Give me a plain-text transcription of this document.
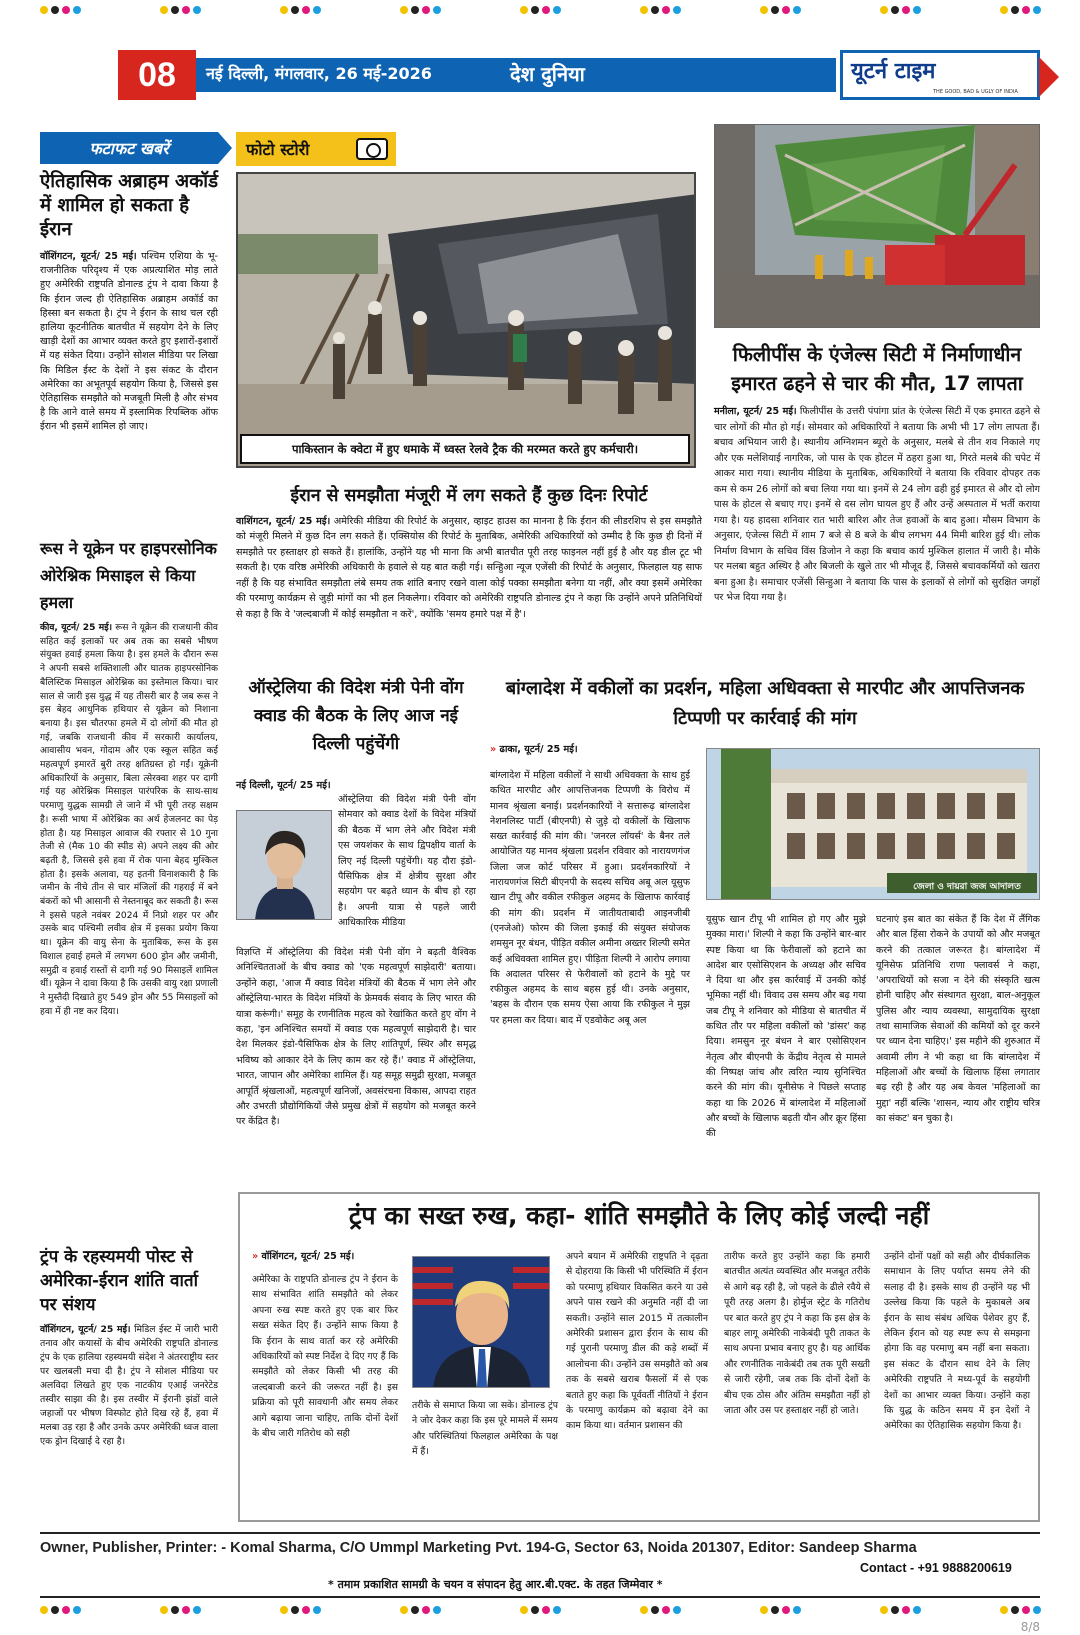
08	नई दिल्ली, मंगलवार, 26 मई-2026	देश दुनिया	यूटर्न टाइम
THE GOOD, BAD & UGLY OF INDIA
फटाफट खबरें
ऐतिहासिक अब्राहम अकॉर्ड में शामिल हो सकता है ईरान
वॉशिंगटन, यूटर्न/ 25 मई। पश्चिम एशिया के भू-राजनीतिक परिदृश्य में एक अप्रत्याशित मोड़ लाते हुए अमेरिकी राष्ट्रपति डोनाल्ड ट्रंप ने दावा किया है कि ईरान जल्द ही ऐतिहासिक अब्राहम अकॉर्ड का हिस्सा बन सकता है। ट्रंप ने ईरान के साथ चल रही हालिया कूटनीतिक बातचीत में सहयोग देने के लिए खाड़ी देशों का आभार व्यक्त करते हुए इशारों-इशारों में यह संकेत दिया। उन्होंने सोशल मीडिया पर लिखा कि मिडिल ईस्ट के देशों ने इस संकट के दौरान अमेरिका का अभूतपूर्व सहयोग किया है, जिससे इस ऐतिहासिक समझौते को मजबूती मिली है और संभव है कि आने वाले समय में इस्लामिक रिपब्लिक ऑफ ईरान भी इसमें शामिल हो जाए।
रूस ने यूक्रेन पर हाइपरसोनिक ओरेश्निक मिसाइल से किया हमला
कीव, यूटर्न/ 25 मई। रूस ने यूक्रेन की राजधानी कीव सहित कई इलाकों पर अब तक का सबसे भीषण संयुक्त हवाई हमला किया है। इस हमले के दौरान रूस ने अपनी सबसे शक्तिशाली और घातक हाइपरसोनिक बैलिस्टिक मिसाइल ओरेश्निक का इस्तेमाल किया। चार साल से जारी इस युद्ध में यह तीसरी बार है जब रूस ने इस बेहद आधुनिक हथियार से यूक्रेन को निशाना बनाया है। इस चौतरफा हमले में दो लोगों की मौत हो गई, जबकि राजधानी कीव में सरकारी कार्यालय, आवासीय भवन, गोदाम और एक स्कूल सहित कई महत्वपूर्ण इमारतें बुरी तरह क्षतिग्रस्त हो गईं। यूक्रेनी अधिकारियों के अनुसार, बिला त्सेरक्वा शहर पर दागी गई यह ओरेश्निक मिसाइल पारंपरिक के साथ-साथ परमाणु युद्धक सामग्री ले जाने में भी पूरी तरह सक्षम है। रूसी भाषा में ओरेश्निक का अर्थ हेजलनट का पेड़ होता है। यह मिसाइल आवाज की रफ्तार से 10 गुना तेजी से (मैक 10 की स्पीड से) अपने लक्ष्य की ओर बढ़ती है, जिससे इसे हवा में रोक पाना बेहद मुश्किल होता है। इसके अलावा, यह इतनी विनाशकारी है कि जमीन के नीचे तीन से चार मंजिलों की गहराई में बने बंकरों को भी आसानी से नेस्तनाबूद कर सकती है। रूस ने इससे पहले नवंबर 2024 में निप्रो शहर पर और उसके बाद पश्चिमी लवीव क्षेत्र में इसका प्रयोग किया था। यूक्रेन की वायु सेना के मुताबिक, रूस के इस विशाल हवाई हमले में लगभग 600 ड्रोन और जमीनी, समुद्री व हवाई रास्तों से दागी गई 90 मिसाइलें शामिल थीं। यूक्रेन ने दावा किया है कि उसकी वायु रक्षा प्रणाली ने मुस्तैदी दिखाते हुए 549 ड्रोन और 55 मिसाइलों को हवा में ही नष्ट कर दिया।
ट्रंप के रहस्यमयी पोस्ट से अमेरिका-ईरान शांति वार्ता पर संशय
वॉशिंगटन, यूटर्न/ 25 मई। मिडिल ईस्ट में जारी भारी तनाव और कयासों के बीच अमेरिकी राष्ट्रपति डोनाल्ड ट्रंप के एक हालिया रहस्यमयी संदेश ने अंतरराष्ट्रीय स्तर पर खलबली मचा दी है। ट्रंप ने सोशल मीडिया पर अलविदा लिखते हुए एक नाटकीय एआई जनरेटेड तस्वीर साझा की है। इस तस्वीर में ईरानी झंडों वाले जहाजों पर भीषण विस्फोट होते दिख रहे हैं, हवा में मलबा उड़ रहा है और उनके ऊपर अमेरिकी ध्वज वाला एक ड्रोन दिखाई दे रहा है।
फोटो स्टोरी
पाकिस्तान के क्वेटा में हुए धमाके में ध्वस्त रेलवे ट्रैक की मरम्मत करते हुए कर्मचारी।
फिलीपींस के एंजेल्स सिटी में निर्माणाधीन इमारत ढहने से चार की मौत, 17 लापता
मनीला, यूटर्न/ 25 मई। फिलीपींस के उत्तरी पंपांगा प्रांत के एंजेल्स सिटी में एक इमारत ढहने से चार लोगों की मौत हो गई। सोमवार को अधिकारियों ने बताया कि अभी भी 17 लोग लापता हैं। बचाव अभियान जारी है। स्थानीय अग्निशमन ब्यूरो के अनुसार, मलबे से तीन शव निकाले गए और एक मलेशियाई नागरिक, जो पास के एक होटल में ठहरा हुआ था, गिरते मलबे की चपेट में आकर मारा गया। स्थानीय मीडिया के मुताबिक, अधिकारियों ने बताया कि रविवार दोपहर तक कम से कम 26 लोगों को बचा लिया गया था। इनमें से 24 लोग ढही हुई इमारत से और दो लोग पास के होटल से बचाए गए। इनमें से दस लोग घायल हुए हैं और उन्हें अस्पताल में भर्ती कराया गया है। यह हादसा शनिवार रात भारी बारिश और तेज हवाओं के बाद हुआ। मौसम विभाग के अनुसार, एंजेल्स सिटी में शाम 7 बजे से 8 बजे के बीच लगभग 44 मिमी बारिश हुई थी। लोक निर्माण विभाग के सचिव विंस डिजोन ने कहा कि बचाव कार्य मुश्किल हालात में जारी है। मौके पर मलबा बहुत अस्थिर है और बिजली के खुले तार भी मौजूद हैं, जिससे बचावकर्मियों को खतरा बना हुआ है। समाचार एजेंसी सिन्हुआ ने बताया कि पास के इलाकों से लोगों को सुरक्षित जगहों पर भेज दिया गया है।
ईरान से समझौता मंजूरी में लग सकते हैं कुछ दिनः रिपोर्ट
वाशिंगटन, यूटर्न/ 25 मई। अमेरिकी मीडिया की रिपोर्ट के अनुसार, व्हाइट हाउस का मानना है कि ईरान की लीडरशिप से इस समझौते को मंजूरी मिलने में कुछ दिन लग सकते हैं। एक्सियोस की रिपोर्ट के मुताबिक, अमेरिकी अधिकारियों को उम्मीद है कि कुछ ही दिनों में समझौते पर हस्ताक्षर हो सकते हैं। हालांकि, उन्होंने यह भी माना कि अभी बातचीत पूरी तरह फाइनल नहीं हुई है और यह डील टूट भी सकती है। एक वरिष्ठ अमेरिकी अधिकारी के हवाले से यह बात कही गई। सन्हिुआ न्यूज एजेंसी की रिपोर्ट के अनुसार, फिलहाल यह साफ नहीं है कि यह संभावित समझौता लंबे समय तक शांति बनाए रखने वाला कोई पक्का समझौता बनेगा या नहीं, और क्या इसमें अमेरिका की परमाणु कार्यक्रम से जुड़ी मांगों का भी हल निकलेगा। रविवार को अमेरिकी राष्ट्रपति डोनाल्ड ट्रंप ने कहा कि उन्होंने अपने प्रतिनिधियों से कहा है कि वे 'जल्दबाजी में कोई समझौता न करें', क्योंकि 'समय हमारे पक्ष में है'।
ऑस्ट्रेलिया की विदेश मंत्री पेनी वोंग क्वाड की बैठक के लिए आज नई दिल्ली पहुंचेंगी
नई दिल्ली, यूटर्न/ 25 मई।
ऑस्ट्रेलिया की विदेश मंत्री पेनी वोंग सोमवार को क्वाड देशों के विदेश मंत्रियों की बैठक में भाग लेने और विदेश मंत्री एस जयशंकर के साथ द्विपक्षीय वार्ता के लिए नई दिल्ली पहुंचेंगी। यह दौरा इंडो-पैसिफिक क्षेत्र में क्षेत्रीय सुरक्षा और सहयोग पर बढ़ते ध्यान के बीच हो रहा है। अपनी यात्रा से पहले जारी आधिकारिक मीडिया
विज्ञप्ति में ऑस्ट्रेलिया की विदेश मंत्री पेनी वोंग ने बढ़ती वैश्विक अनिश्चितताओं के बीच क्वाड को 'एक महत्वपूर्ण साझेदारी' बताया। उन्होंने कहा, 'आज मैं क्वाड विदेश मंत्रियों की बैठक में भाग लेने और ऑस्ट्रेलिया-भारत के विदेश मंत्रियों के फ्रेमवर्क संवाद के लिए भारत की यात्रा करूंगी।' समूह के रणनीतिक महत्व को रेखांकित करते हुए वोंग ने कहा, 'इन अनिश्चित समयों में क्वाड एक महत्वपूर्ण साझेदारी है। चार देश मिलकर इंडो-पैसिफिक क्षेत्र के लिए शांतिपूर्ण, स्थिर और समृद्ध भविष्य को आकार देने के लिए काम कर रहे हैं।' क्वाड में ऑस्ट्रेलिया, भारत, जापान और अमेरिका शामिल हैं। यह समूह समुद्री सुरक्षा, मजबूत आपूर्ति श्रृंखलाओं, महत्वपूर्ण खनिजों, अवसंरचना विकास, आपदा राहत और उभरती प्रौद्योगिकियों जैसे प्रमुख क्षेत्रों में सहयोग को मजबूत करने पर केंद्रित है।
बांग्लादेश में वकीलों का प्रदर्शन, महिला अधिवक्ता से मारपीट और आपत्तिजनक टिप्पणी पर कार्रवाई की मांग
» ढाका, यूटर्न/ 25 मई।
बांग्लादेश में महिला वकीलों ने साथी अधिवक्ता के साथ हुई कथित मारपीट और आपत्तिजनक टिप्पणी के विरोध में मानव श्रृंखला बनाई। प्रदर्शनकारियों ने सत्तारूढ़ बांग्लादेश नेशनलिस्ट पार्टी (बीएनपी) से जुड़े दो वकीलों के खिलाफ सख्त कार्रवाई की मांग की। 'जनरल लॉयर्स' के बैनर तले आयोजित यह मानव श्रृंखला प्रदर्शन रविवार को नारायणगंज जिला जज कोर्ट परिसर में हुआ। प्रदर्शनकारियों ने नारायणगंज सिटी बीएनपी के सदस्य सचिव अबू अल यूसुफ खान टीपू और वकील रफीकुल अहमद के खिलाफ कार्रवाई की मांग की। प्रदर्शन में जातीयताबादी आइनजीबी (एनजेओ) फोरम की जिला इकाई की संयुक्त संयोजक शमसुन नूर बंधन, पीड़ित वकील अमीना अख्तर शिल्पी समेत कई अधिवक्ता शामिल हुए। पीड़िता शिल्पी ने आरोप लगाया कि अदालत परिसर से फेरीवालों को हटाने के मुद्दे पर रफीकुल अहमद के साथ बहस हुई थी। उनके अनुसार, 'बहस के दौरान एक समय ऐसा आया कि रफीकुल ने मुझ पर हमला कर दिया। बाद में एडवोकेट अबू अल
জেলা ও দায়রা জজ আদালত
यूसुफ खान टीपू भी शामिल हो गए और मुझे मुक्का मारा।' शिल्पी ने कहा कि उन्होंने बार-बार स्पष्ट किया था कि फेरीवालों को हटाने का आदेश बार एसोसिएशन के अध्यक्ष और सचिव ने दिया था और इस कार्रवाई में उनकी कोई भूमिका नहीं थी। विवाद उस समय और बढ़ गया जब टीपू ने शनिवार को मीडिया से बातचीत में कथित तौर पर महिला वकीलों को 'डांसर' कह दिया। शमसुन नूर बंधन ने बार एसोसिएशन नेतृत्व और बीएनपी के केंद्रीय नेतृत्व से मामले की निष्पक्ष जांच और त्वरित न्याय सुनिश्चित करने की मांग की। यूनीसेफ ने पिछले सप्ताह कहा था कि 2026 में बांग्लादेश में महिलाओं और बच्चों के खिलाफ बढ़ती यौन और क्रूर हिंसा की
घटनाएं इस बात का संकेत हैं कि देश में लैंगिक और बाल हिंसा रोकने के उपायों को और मजबूत करने की तत्काल जरूरत है। बांग्लादेश में यूनिसेफ प्रतिनिधि राणा फ्लावर्स ने कहा, 'अपराधियों को सजा न देने की संस्कृति खत्म होनी चाहिए और संस्थागत सुरक्षा, बाल-अनुकूल पुलिस और न्याय व्यवस्था, सामुदायिक सुरक्षा तथा सामाजिक सेवाओं की कमियों को दूर करने पर ध्यान देना चाहिए।' इस महीने की शुरुआत में अवामी लीग ने भी कहा था कि बांग्लादेश में महिलाओं और बच्चों के खिलाफ हिंसा लगातार बढ़ रही है और यह अब केवल 'महिलाओं का मुद्दा' नहीं बल्कि 'शासन, न्याय और राष्ट्रीय चरित्र का संकट' बन चुका है।
ट्रंप का सख्त रुख, कहा- शांति समझौते के लिए कोई जल्दी नहीं
» वॉशिंगटन, यूटर्न/ 25 मई।
अमेरिका के राष्ट्रपति डोनाल्ड ट्रंप ने ईरान के साथ संभावित शांति समझौते को लेकर अपना रुख स्पष्ट करते हुए एक बार फिर सख्त संकेत दिए हैं। उन्होंने साफ किया है कि ईरान के साथ वार्ता कर रहे अमेरिकी अधिकारियों को स्पष्ट निर्देश दे दिए गए हैं कि समझौते को लेकर किसी भी तरह की जल्दबाजी करने की जरूरत नहीं है। इस प्रक्रिया को पूरी सावधानी और समय लेकर आगे बढ़ाया जाना चाहिए, ताकि दोनों देशों के बीच जारी गतिरोध को सही
तरीके से समाप्त किया जा सके। डोनाल्ड ट्रंप ने जोर देकर कहा कि इस पूरे मामले में समय और परिस्थितियां फिलहाल अमेरिका के पक्ष में हैं।
अपने बयान में अमेरिकी राष्ट्रपति ने दृढ़ता से दोहराया कि किसी भी परिस्थिति में ईरान को परमाणु हथियार विकसित करने या उसे अपने पास रखने की अनुमति नहीं दी जा सकती। उन्होंने साल 2015 में तत्कालीन अमेरिकी प्रशासन द्वारा ईरान के साथ की गई पुरानी परमाणु डील की कड़े शब्दों में आलोचना की। उन्होंने उस समझौते को अब तक के सबसे खराब फैसलों में से एक बताते हुए कहा कि पूर्ववर्ती नीतियों ने ईरान के परमाणु कार्यक्रम को बढ़ावा देने का काम किया था। वर्तमान प्रशासन की
तारीफ करते हुए उन्होंने कहा कि हमारी बातचीत अत्यंत व्यवस्थित और मजबूत तरीके से आगे बढ़ रही है, जो पहले के ढीले रवैये से पूरी तरह अलग है। होर्मुज स्ट्रेट के गतिरोध पर बात करते हुए ट्रंप ने कहा कि इस क्षेत्र के बाहर लागू अमेरिकी नाकेबंदी पूरी ताकत के साथ अपना प्रभाव बनाए हुए है। यह आर्थिक और रणनीतिक नाकेबंदी तब तक पूरी सख्ती से जारी रहेगी, जब तक कि दोनों देशों के बीच एक ठोस और अंतिम समझौता नहीं हो जाता और उस पर हस्ताक्षर नहीं हो जाते।
उन्होंने दोनों पक्षों को सही और दीर्घकालिक समाधान के लिए पर्याप्त समय लेने की सलाह दी है। इसके साथ ही उन्होंने यह भी उल्लेख किया कि पहले के मुकाबले अब ईरान के साथ संबंध अधिक पेशेवर हुए हैं, लेकिन ईरान को यह स्पष्ट रूप से समझना होगा कि वह परमाणु बम नहीं बना सकता। इस संकट के दौरान साथ देने के लिए अमेरिकी राष्ट्रपति ने मध्य-पूर्व के सहयोगी देशों का आभार व्यक्त किया। उन्होंने कहा कि युद्ध के कठिन समय में इन देशों ने अमेरिका का ऐतिहासिक सहयोग किया है।
Owner, Publisher, Printer: - Komal Sharma, C/O Ummpl Marketing Pvt. 194-G, Sector 63, Noida 201307, Editor: Sandeep Sharma
Contact - +91 9888200619
* तमाम प्रकाशित सामग्री के चयन व संपादन हेतु आर.बी.एक्ट. के तहत जिम्मेवार *
8/8
